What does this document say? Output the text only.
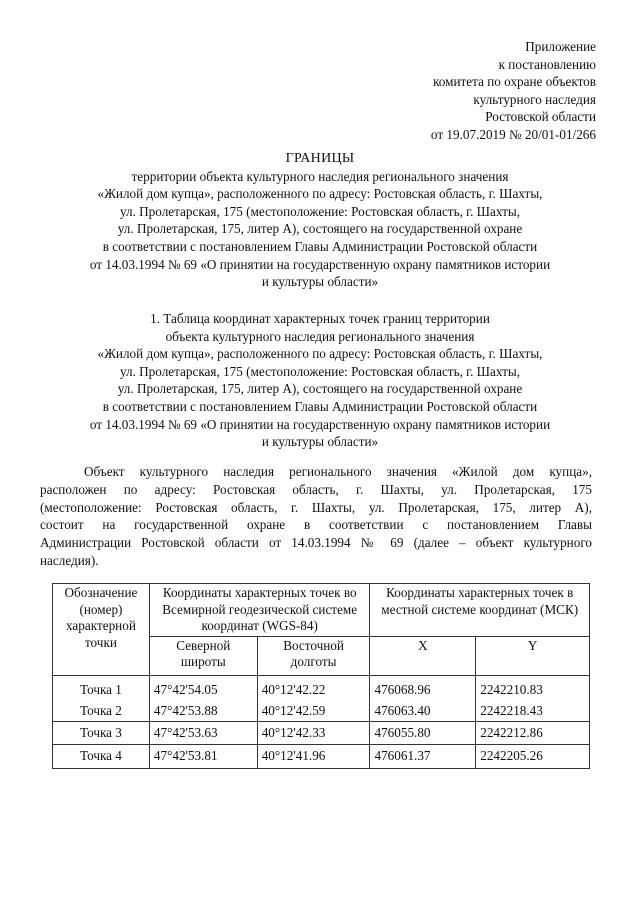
Приложение
к постановлению
комитета по охране объектов
культурного наследия
Ростовской области
от 19.07.2019 № 20/01-01/266
ГРАНИЦЫ
территории объекта культурного наследия регионального значения
«Жилой дом купца», расположенного по адресу: Ростовская область, г. Шахты,
ул. Пролетарская, 175 (местоположение: Ростовская область, г. Шахты,
ул. Пролетарская, 175, литер А), состоящего на государственной охране
в соответствии с постановлением Главы Администрации Ростовской области
от 14.03.1994 № 69 «О принятии на государственную охрану памятников истории
и культуры области»
1. Таблица координат характерных точек границ территории
объекта культурного наследия регионального значения
«Жилой дом купца», расположенного по адресу: Ростовская область, г. Шахты,
ул. Пролетарская, 175 (местоположение: Ростовская область, г. Шахты,
ул. Пролетарская, 175, литер А), состоящего на государственной охране
в соответствии с постановлением Главы Администрации Ростовской области
от 14.03.1994 № 69 «О принятии на государственную охрану памятников истории
и культуры области»
Объект культурного наследия регионального значения «Жилой дом купца»,
расположен по адресу: Ростовская область, г. Шахты, ул. Пролетарская, 175
(местоположение: Ростовская область, г. Шахты, ул. Пролетарская, 175, литер А),
состоит на государственной охране в соответствии с постановлением Главы
Администрации Ростовской области от 14.03.1994 № 69 (далее – объект культурного
наследия).
Обозначение (номер) характерной точки	Координаты характерных точек во Всемирной геодезической системе координат (WGS-84)		Координаты характерных точек в местной системе координат (МСК)	
	Северной широты	Восточной долготы	X	Y
Точка 1	47°42'54.05	40°12'42.22	476068.96	2242210.83
Точка 2	47°42'53.88	40°12'42.59	476063.40	2242218.43
Точка 3	47°42'53.63	40°12'42.33	476055.80	2242212.86
Точка 4	47°42'53.81	40°12'41.96	476061.37	2242205.26
